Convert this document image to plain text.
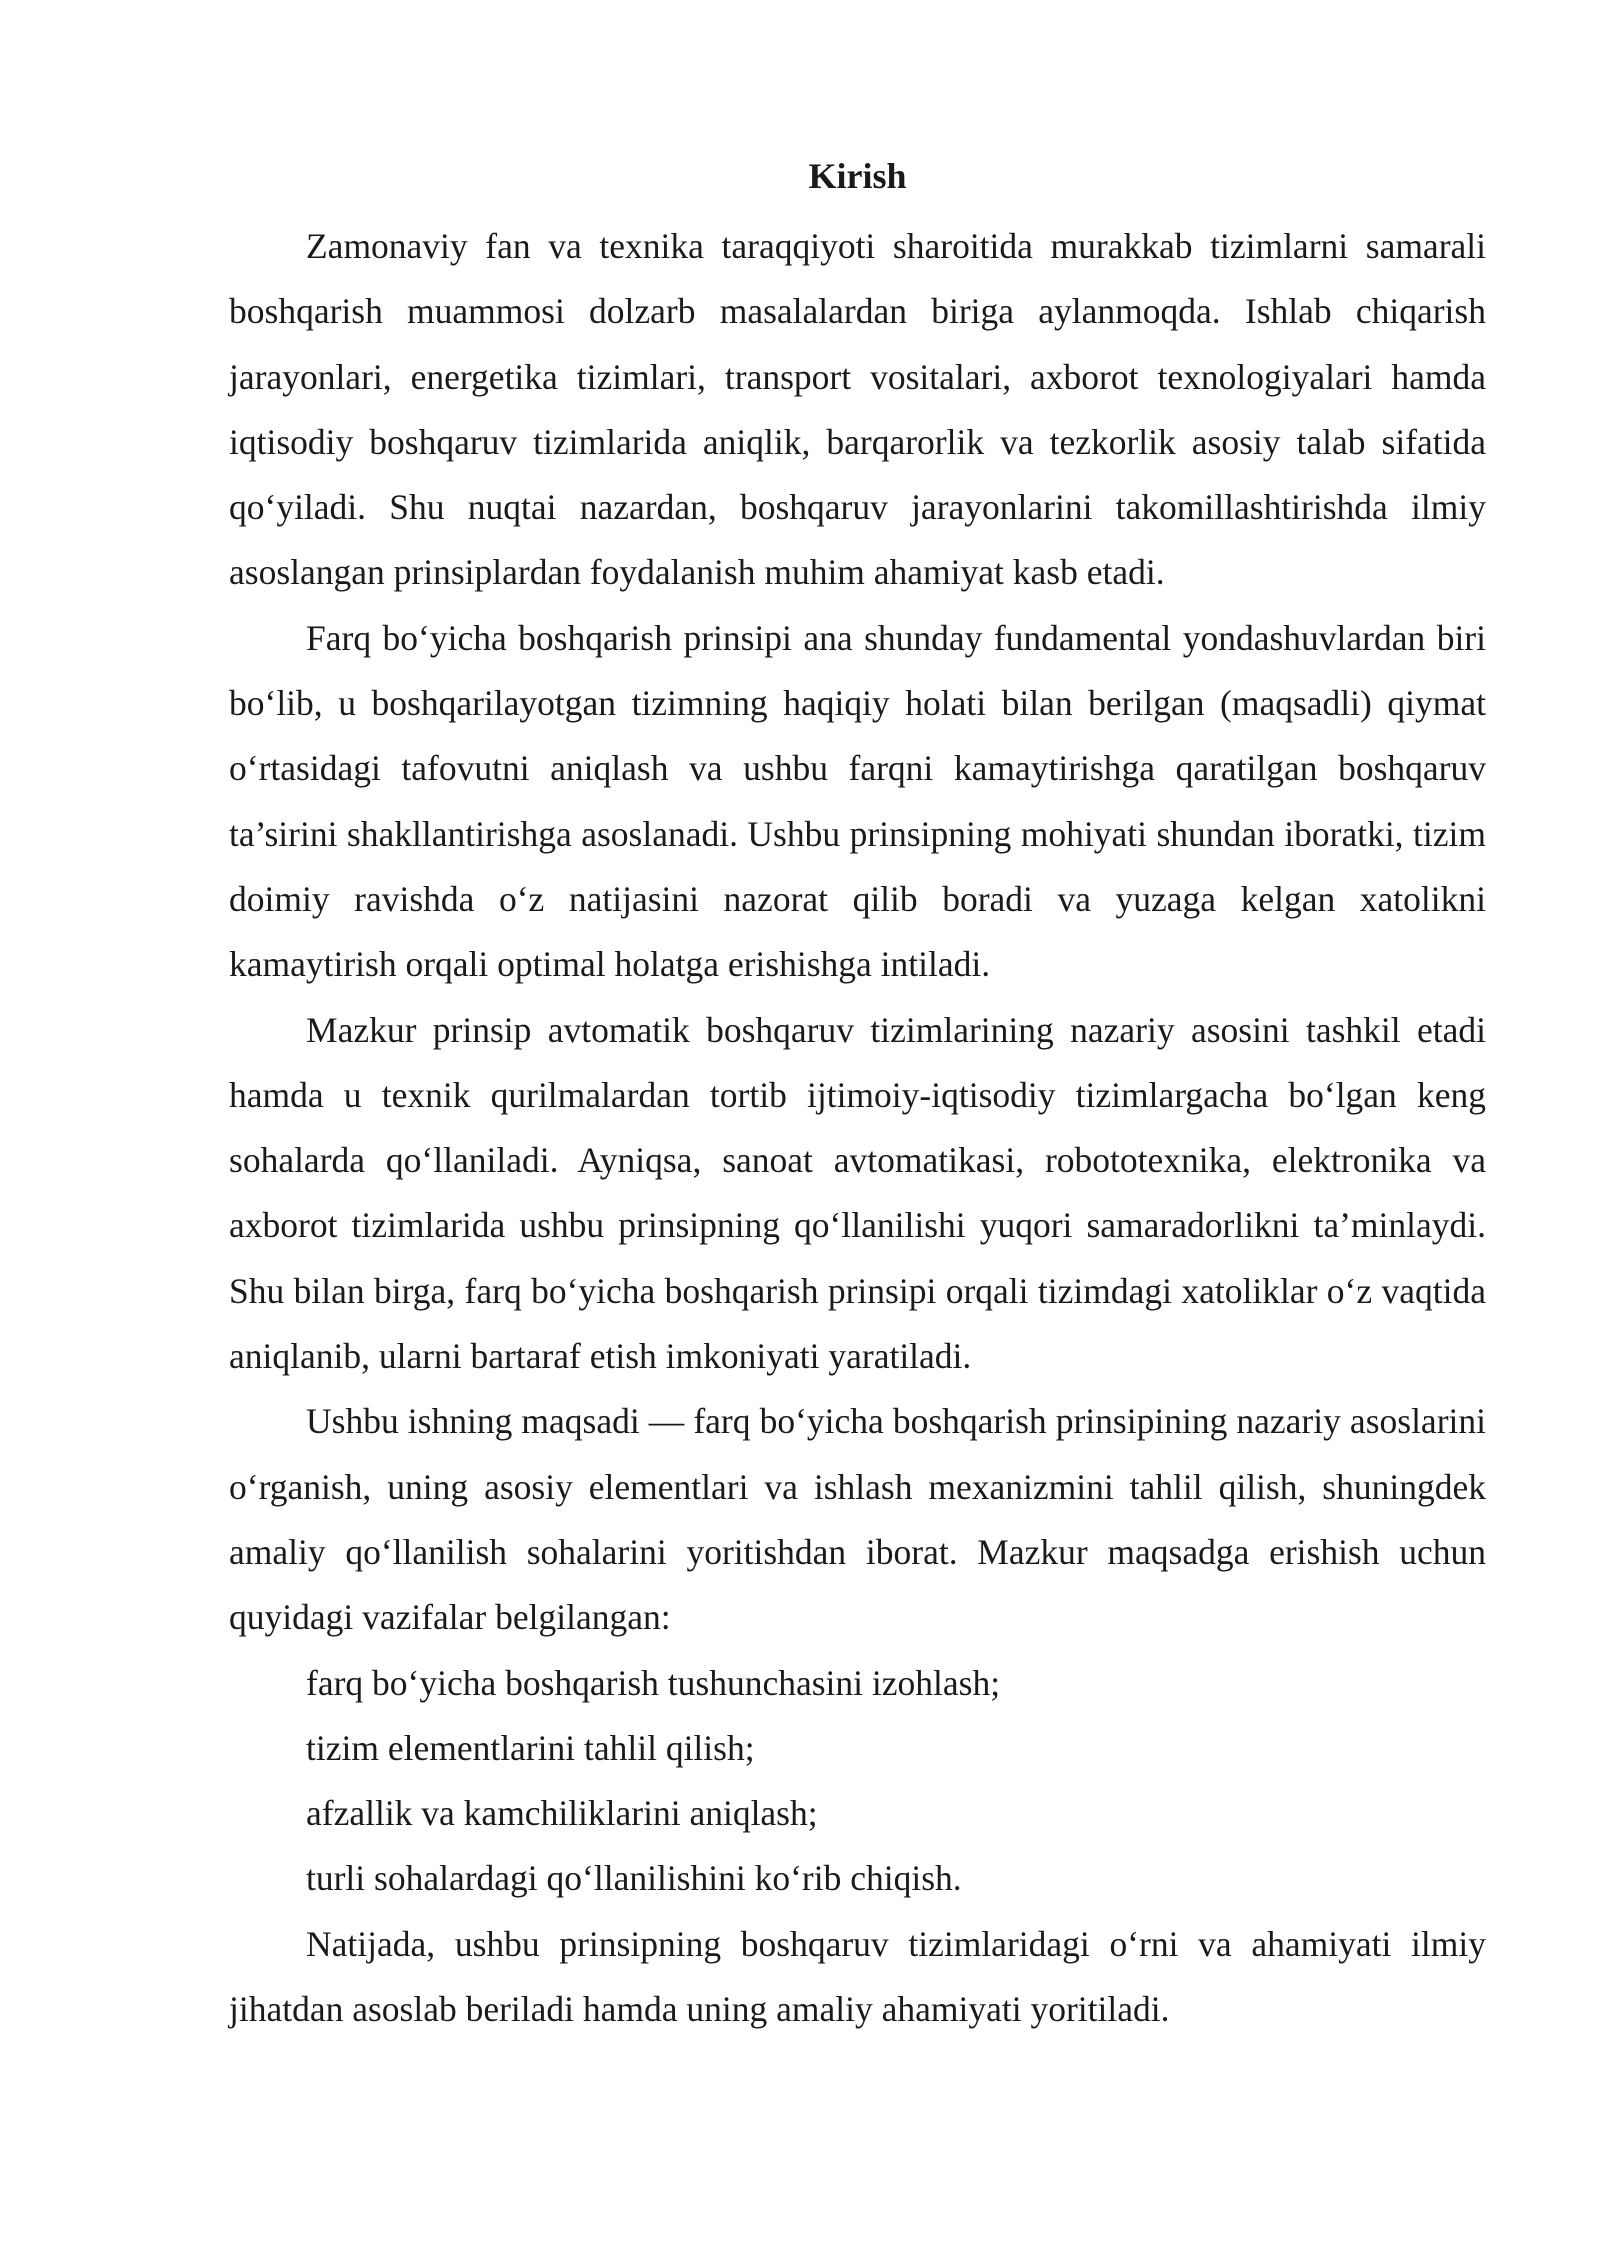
Kirish

Zamonaviy fan va texnika taraqqiyoti sharoitida murakkab tizimlarni samarali boshqarish muammosi dolzarb masalalardan biriga aylanmoqda. Ishlab chiqarish jarayonlari, energetika tizimlari, transport vositalari, axborot texnologiyalari hamda iqtisodiy boshqaruv tizimlarida aniqlik, barqarorlik va tezkorlik asosiy talab sifatida qo‘yiladi. Shu nuqtai nazardan, boshqaruv jarayonlarini takomillashtirishda ilmiy asoslangan prinsiplardan foydalanish muhim ahamiyat kasb etadi.

Farq bo‘yicha boshqarish prinsipi ana shunday fundamental yondashuvlardan biri bo‘lib, u boshqarilayotgan tizimning haqiqiy holati bilan berilgan (maqsadli) qiymat o‘rtasidagi tafovutni aniqlash va ushbu farqni kamaytirishga qaratilgan boshqaruv ta’sirini shakllantirishga asoslanadi. Ushbu prinsipning mohiyati shundan iboratki, tizim doimiy ravishda o‘z natijasini nazorat qilib boradi va yuzaga kelgan xatolikni kamaytirish orqali optimal holatga erishishga intiladi.

Mazkur prinsip avtomatik boshqaruv tizimlarining nazariy asosini tashkil etadi hamda u texnik qurilmalardan tortib ijtimoiy-iqtisodiy tizimlargacha bo‘lgan keng sohalarda qo‘llaniladi. Ayniqsa, sanoat avtomatikasi, robototexnika, elektronika va axborot tizimlarida ushbu prinsipning qo‘llanilishi yuqori samaradorlikni ta’minlaydi. Shu bilan birga, farq bo‘yicha boshqarish prinsipi orqali tizimdagi xatoliklar o‘z vaqtida aniqlanib, ularni bartaraf etish imkoniyati yaratiladi.

Ushbu ishning maqsadi — farq bo‘yicha boshqarish prinsipining nazariy asoslarini o‘rganish, uning asosiy elementlari va ishlash mexanizmini tahlil qilish, shuningdek amaliy qo‘llanilish sohalarini yoritishdan iborat. Mazkur maqsadga erishish uchun quyidagi vazifalar belgilangan:

farq bo‘yicha boshqarish tushunchasini izohlash;
tizim elementlarini tahlil qilish;
afzallik va kamchiliklarini aniqlash;
turli sohalardagi qo‘llanilishini ko‘rib chiqish.

Natijada, ushbu prinsipning boshqaruv tizimlaridagi o‘rni va ahamiyati ilmiy jihatdan asoslab beriladi hamda uning amaliy ahamiyati yoritiladi.
